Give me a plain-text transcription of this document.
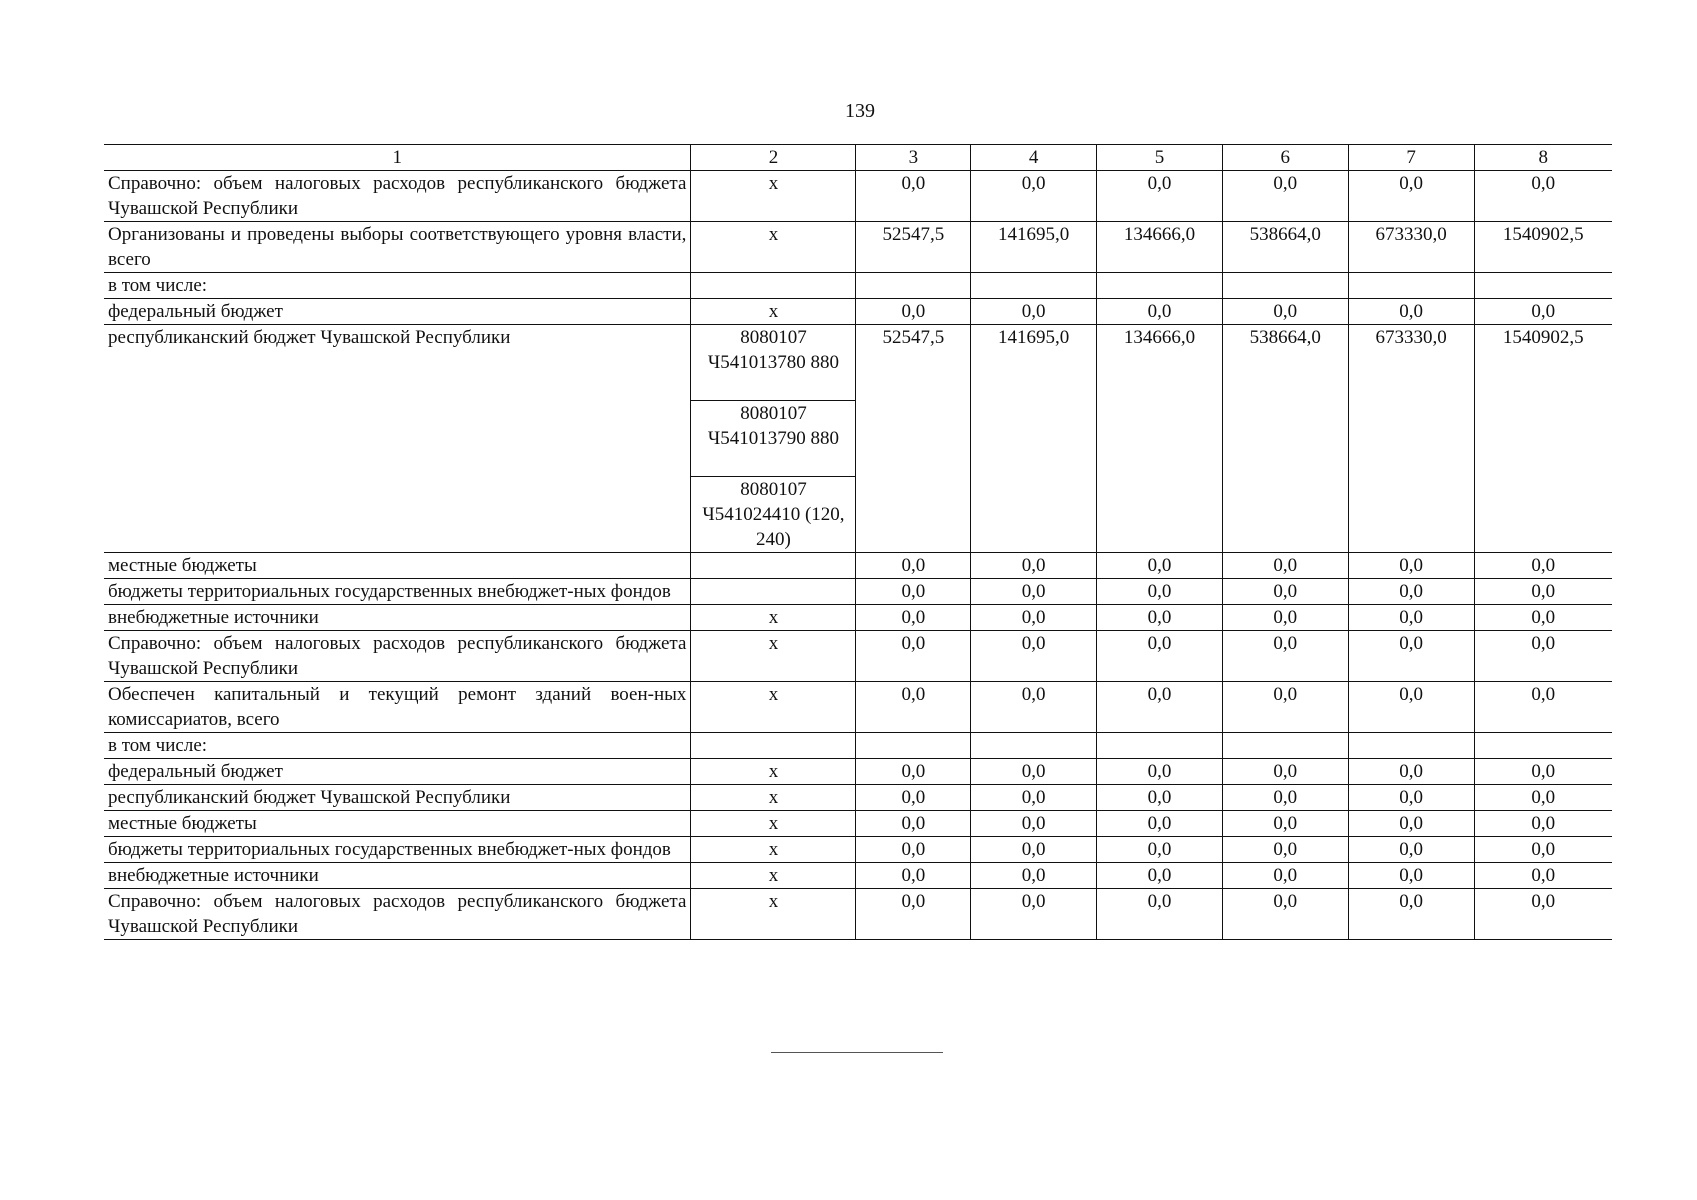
139
1	2	3	4	5	6	7	8
Справочно: объем налоговых расходов республиканского бюджета Чувашской Республики	х	0,0	0,0	0,0	0,0	0,0	0,0
Организованы и проведены выборы соответствующего уровня власти, всего	х	52547,5	141695,0	134666,0	538664,0	673330,0	1540902,5
в том числе:							
федеральный бюджет	х	0,0	0,0	0,0	0,0	0,0	0,0
республиканский бюджет Чувашской Республики	8080107 Ч541013780 880	52547,5	141695,0	134666,0	538664,0	673330,0	1540902,5
	8080107 Ч541013790 880						
	8080107 Ч541024410 (120, 240)						
местные бюджеты		0,0	0,0	0,0	0,0	0,0	0,0
бюджеты территориальных государственных внебюджет-ных фондов		0,0	0,0	0,0	0,0	0,0	0,0
внебюджетные источники	х	0,0	0,0	0,0	0,0	0,0	0,0
Справочно: объем налоговых расходов республиканского бюджета Чувашской Республики	х	0,0	0,0	0,0	0,0	0,0	0,0
Обеспечен капитальный и текущий ремонт зданий воен-ных комиссариатов, всего	х	0,0	0,0	0,0	0,0	0,0	0,0
в том числе:							
федеральный бюджет	х	0,0	0,0	0,0	0,0	0,0	0,0
республиканский бюджет Чувашской Республики	х	0,0	0,0	0,0	0,0	0,0	0,0
местные бюджеты	х	0,0	0,0	0,0	0,0	0,0	0,0
бюджеты территориальных государственных внебюджет-ных фондов	х	0,0	0,0	0,0	0,0	0,0	0,0
внебюджетные источники	х	0,0	0,0	0,0	0,0	0,0	0,0
Справочно: объем налоговых расходов республиканского бюджета Чувашской Республики	х	0,0	0,0	0,0	0,0	0,0	0,0
